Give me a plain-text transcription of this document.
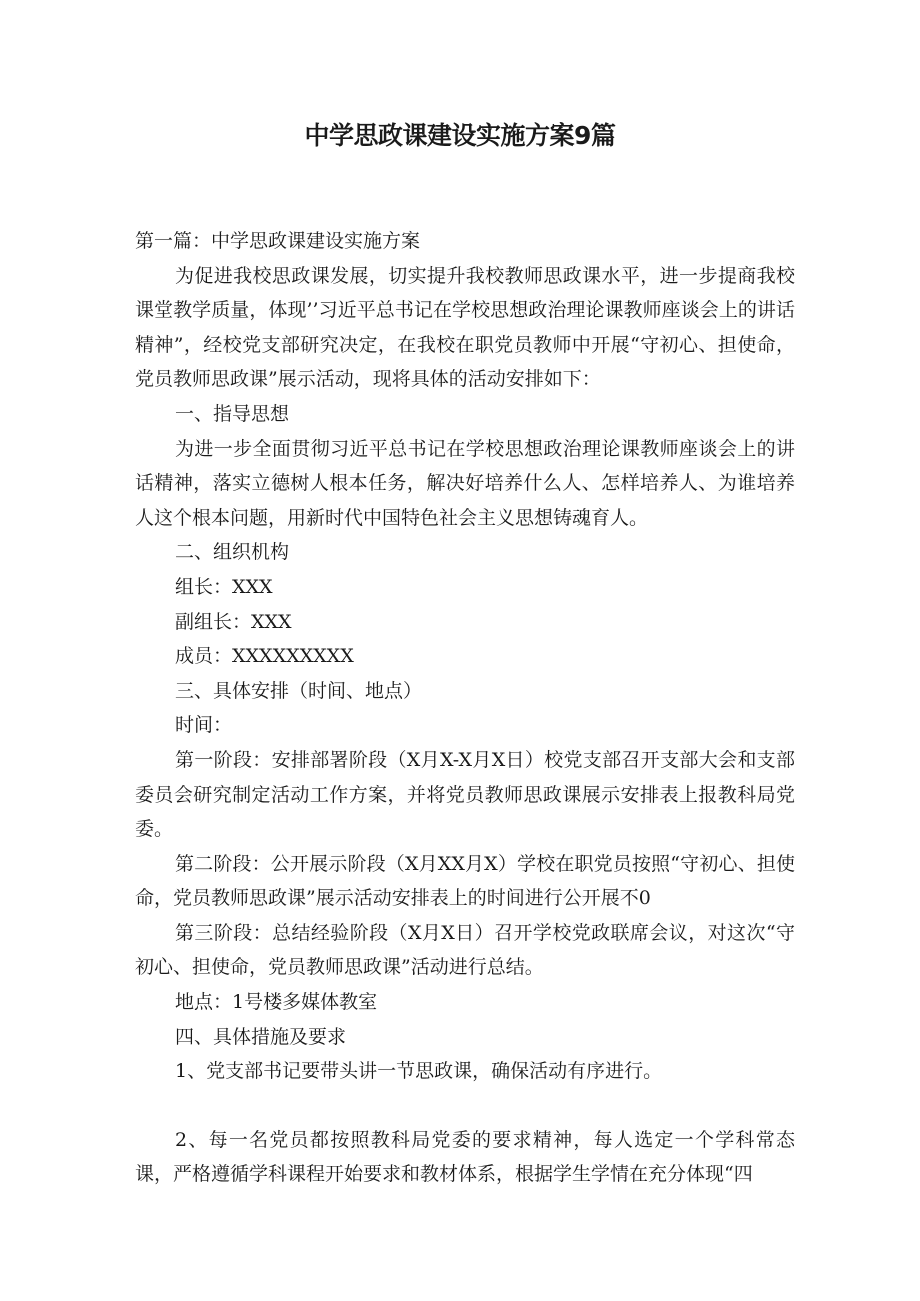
中学思政课建设实施方案9篇

第一篇：中学思政课建设实施方案

为促进我校思政课发展，切实提升我校教师思政课水平，进一步提商我校课堂教学质量，体现’’习近平总书记在学校思想政治理论课教师座谈会上的讲话精神”，经校党支部研究决定，在我校在职党员教师中开展“守初心、担使命，党员教师思政课”展示活动，现将具体的活动安排如下：

一、指导思想

为进一步全面贯彻习近平总书记在学校思想政治理论课教师座谈会上的讲话精神，落实立德树人根本任务，解决好培养什么人、怎样培养人、为谁培养人这个根本问题，用新时代中国特色社会主义思想铸魂育人。

二、组织机构

组长：XXX

副组长：XXX

成员：XXXXXXXXX

三、具体安排（时间、地点）

时间：

第一阶段：安排部署阶段（X月X-X月X日）校党支部召开支部大会和支部委员会研究制定活动工作方案，并将党员教师思政课展示安排表上报教科局党委。

第二阶段：公开展示阶段（X月XX月X）学校在职党员按照“守初心、担使命，党员教师思政课”展示活动安排表上的时间进行公开展不0

第三阶段：总结经验阶段（X月X日）召开学校党政联席会议，对这次“守初心、担使命，党员教师思政课”活动进行总结。

地点：1号楼多媒体教室

四、具体措施及要求

1、党支部书记要带头讲一节思政课，确保活动有序进行。

2、每一名党员都按照教科局党委的要求精神，每人选定一个学科常态课，严格遵循学科课程开始要求和教材体系，根据学生学情在充分体现“四
